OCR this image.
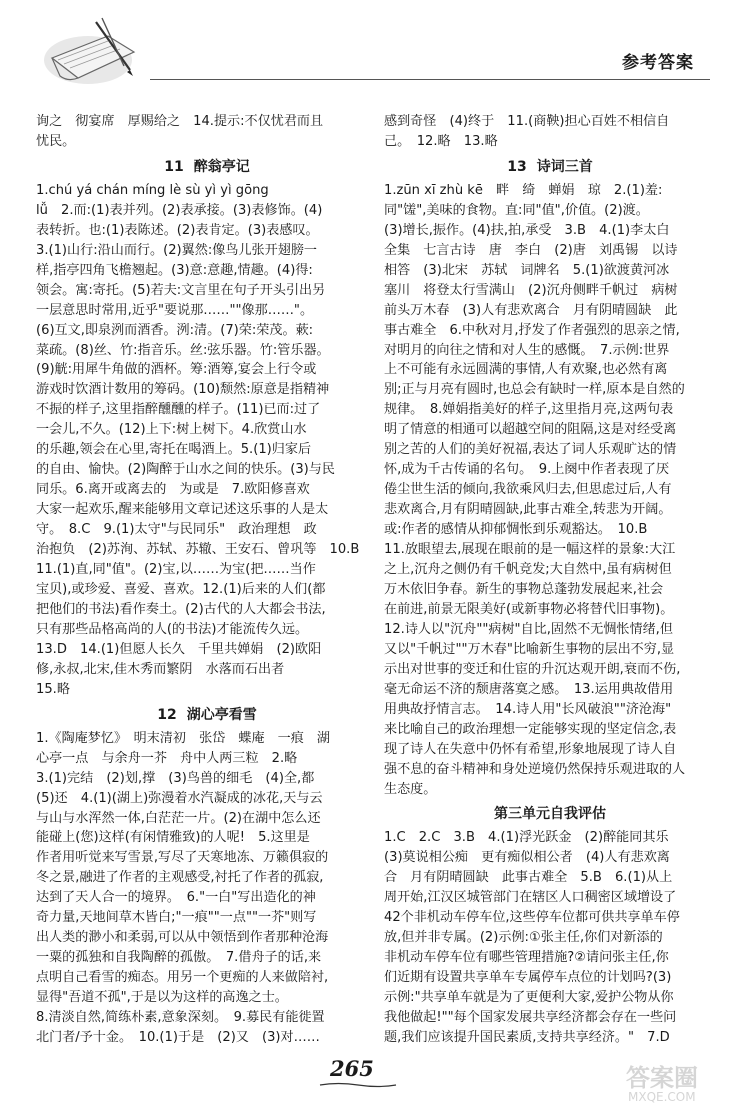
参考答案

询之　彻宴席　厚赐给之　14.提示:不仅忧君而且

忧民。

11 醉翁亭记

1.chú yá chán míng lè sù yì yì gōng

lǚ　2.而:(1)表并列。(2)表承接。(3)表修饰。(4)

表转折。也:(1)表陈述。(2)表肯定。(3)表感叹。

3.(1)山行:沿山而行。(2)翼然:像鸟儿张开翅膀一

样,指亭四角飞檐翘起。(3)意:意趣,情趣。(4)得:

领会。寓:寄托。(5)若夫:文言里在句子开头引出另

一层意思时常用,近乎"要说那……""像那……"。

(6)互文,即泉洌而酒香。洌:清。(7)荣:荣茂。蔌:

菜疏。(8)丝、竹:指音乐。丝:弦乐器。竹:管乐器。

(9)觥:用犀牛角做的酒杯。筹:酒筹,宴会上行令或

游戏时饮酒计数用的筹码。(10)颓然:原意是指精神

不振的样子,这里指醉醺醺的样子。(11)已而:过了

一会儿,不久。(12)上下:树上树下。4.欣赏山水

的乐趣,领会在心里,寄托在喝酒上。5.(1)归家后

的自由、愉快。(2)陶醉于山水之间的快乐。(3)与民

同乐。6.离开或离去的　为或是　7.欧阳修喜欢

大家一起欢乐,醒来能够用文章记述这乐事的人是太

守。　8.C　9.(1)太守"与民同乐"　政治理想　政

治抱负　(2)苏洵、苏轼、苏辙、王安石、曾巩等　10.B

11.(1)直,同"值"。(2)宝,以……为宝(把……当作

宝贝),或珍爱、喜爱、喜欢。12.(1)后来的人们(都

把他们的书法)看作奏土。(2)古代的人大都会书法,

只有那些品格高尚的人(的书法)才能流传久远。

13.D　14.(1)但愿人长久　千里共婵娟　(2)欧阳

修,永叔,北宋,佳木秀而繁阴　水落而石出者

15.略

12 湖心亭看雪

1.《陶庵梦忆》　明末清初　张岱　蝶庵　一痕　湖

心亭一点　与余舟一芥　舟中人两三粒　2.略

3.(1)完结　(2)划,撑　(3)鸟兽的细毛　(4)全,都

(5)还　4.(1)(湖上)弥漫着水汽凝成的冰花,天与云

与山与水浑然一体,白茫茫一片。(2)在湖中怎么还

能碰上(您)这样(有闲情雅致)的人呢!　5.这里是

作者用听觉来写雪景,写尽了天寒地冻、万籁俱寂的

冬之景,融进了作者的主观感受,衬托了作者的孤寂,

达到了天人合一的境界。　6."一白"写出造化的神

奇力量,天地间草木皆白;"一痕""一点""一芥"则写

出人类的渺小和柔弱,可以从中领悟到作者那种沧海

一粟的孤独和自我陶醉的孤傲。　7.借舟子的话,来

点明自己看雪的痴态。用另一个更痴的人来做陪衬,

显得"吾道不孤",于是以为这样的高逸之士。

8.清淡自然,简练朴素,意象深刻。　9.募民有能徙置

北门者/予十金。　10.(1)于是　(2)又　(3)对……

感到奇怪　(4)终于　11.(商鞅)担心百姓不相信自

己。　12.略　13.略

13 诗词三首

1.zūn xī zhù kē　畔　绮　蝉娟　琼　2.(1)羞:

同"馐",美味的食物。直:同"值",价值。(2)渡。

(3)增长,振作。(4)扶,拍,承受　3.B　4.(1)李太白

全集　七言古诗　唐　李白　(2)唐　刘禹锡　以诗

相答　(3)北宋　苏轼　词牌名　5.(1)欲渡黄河冰

塞川　将登太行雪满山　(2)沉舟侧畔千帆过　病树

前头万木春　(3)人有悲欢离合　月有阴晴圆缺　此

事古难全　6.中秋对月,抒发了作者强烈的思亲之情,

对明月的向往之情和对人生的感慨。　7.示例:世界

上不可能有永远圆满的事情,人有欢聚,也必然有离

别;正与月亮有圆时,也总会有缺时一样,原本是自然的

规律。　8.婵娟指美好的样子,这里指月亮,这两句表

明了情意的相通可以超越空间的阻隔,这是对经受离

别之苦的人们的美好祝福,表达了词人乐观旷达的情

怀,成为千古传诵的名句。　9.上阕中作者表现了厌

倦尘世生活的倾向,我欲乘风归去,但思虑过后,人有

悲欢离合,月有阴晴圆缺,此事古难全,转悲为开阔。

或:作者的感情从抑郁惆怅到乐观豁达。　10.B

11.放眼望去,展现在眼前的是一幅这样的景象:大江

之上,沉舟之侧仍有千帆竞发;大自然中,虽有病树但

万木依旧争春。新生的事物总蓬勃发展起来,社会

在前进,前景无限美好(或新事物必将替代旧事物)。

12.诗人以"沉舟""病树"自比,固然不无惆怅情绪,但

又以"千帆过""万木春"比喻新生事物的层出不穷,显

示出对世事的变迁和仕宦的升沉达观开朗,衰而不伤,

毫无命运不济的颓唐落寞之感。　13.运用典故借用

用典故抒情言志。　14.诗人用"长风破浪""济沧海"

来比喻自己的政治理想一定能够实现的坚定信念,表

现了诗人在失意中仍怀有希望,形象地展现了诗人自

强不息的奋斗精神和身处逆境仍然保持乐观进取的人

生态度。

第三单元自我评估

1.C　2.C　3.B　4.(1)浮光跃金　(2)醉能同其乐

(3)莫说相公痴　更有痴似相公者　(4)人有悲欢离

合　月有阴晴圆缺　此事古难全　5.B　6.(1)从上

周开始,江汉区城管部门在辖区人口稠密区域增设了

42个非机动车停车位,这些停车位都可供共享单车停

放,但并非专属。(2)示例:①张主任,你们对新添的

非机动车停车位有哪些管理措施?②请问张主任,你

们近期有设置共享单车专属停车点位的计划吗?(3)

示例:"共享单车就是为了更便利大家,爱护公物从你

我他做起!""每个国家发展共享经济都会存在一些问

题,我们应该提升国民素质,支持共享经济。"　7.D

265	答案圈
MXQE.COM
